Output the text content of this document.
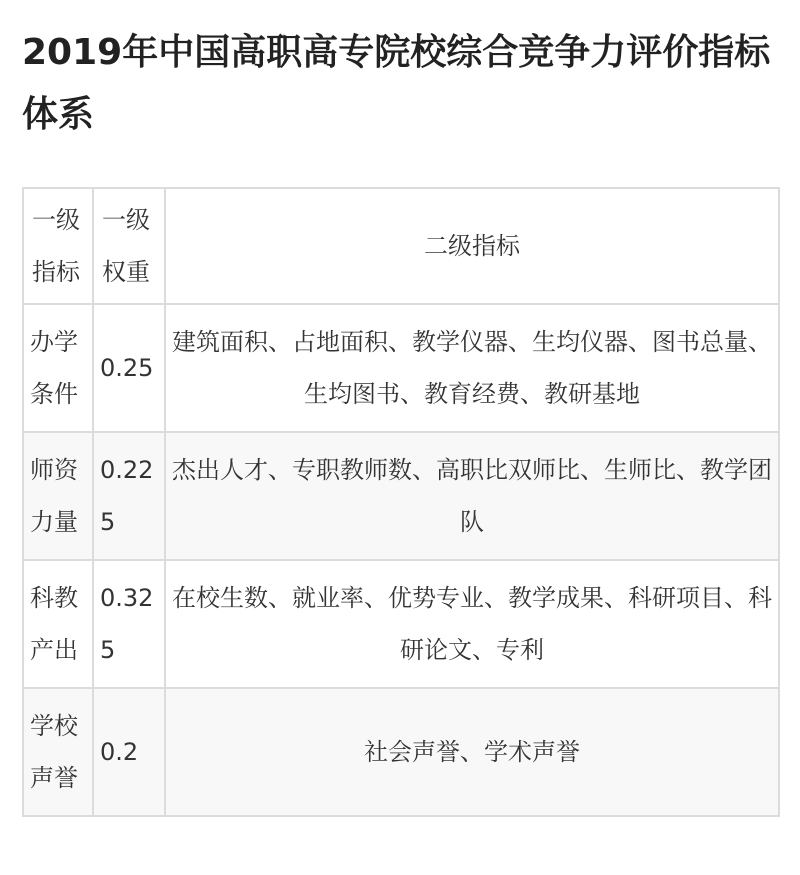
2019年中国高职高专院校综合竞争力评价指标体系
一级指标	一级权重	二级指标
办学条件	0.25	建筑面积、占地面积、教学仪器、生均仪器、图书总量、生均图书、教育经费、教研基地
师资力量	0.225	杰出人才、专职教师数、高职比双师比、生师比、教学团队
科教产出	0.325	在校生数、就业率、优势专业、教学成果、科研项目、科研论文、专利
学校声誉	0.2	社会声誉、学术声誉
